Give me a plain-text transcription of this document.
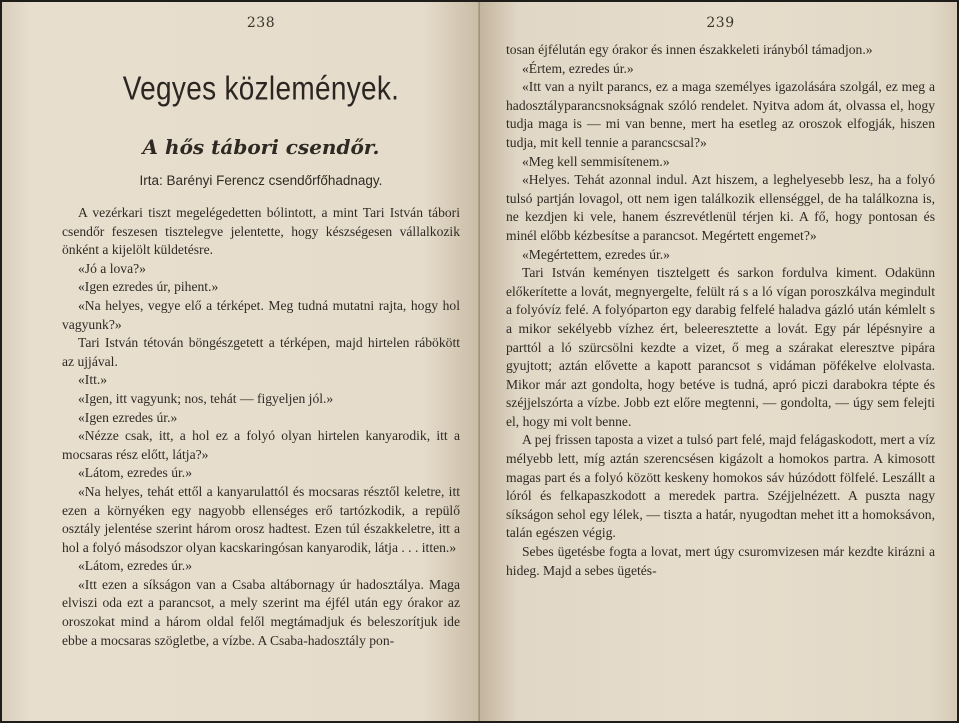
238
Vegyes közlemények.
A hős tábori csendőr.
Irta: Barényi Ferencz csendőrfőhadnagy.

A vezérkari tiszt megelégedetten bólintott, a mint Tari István tábori csendőr feszesen tisztelegve jelentette, hogy készségesen vállalkozik önként a kijelölt küldetésre.

«Jó a lova?»

«Igen ezredes úr, pihent.»

«Na helyes, vegye elő a térképet. Meg tudná mutatni rajta, hogy hol vagyunk?»

Tari István tétován böngészgetett a térképen, majd hirtelen rábökött az ujjával.

«Itt.»

«Igen, itt vagyunk; nos, tehát — figyeljen jól.»

«Igen ezredes úr.»

«Nézze csak, itt, a hol ez a folyó olyan hirtelen kanyarodik, itt a mocsaras rész előtt, látja?»

«Látom, ezredes úr.»

«Na helyes, tehát ettől a kanyarulattól és mocsaras résztől keletre, itt ezen a környéken egy nagyobb ellenséges erő tartózkodik, a repülő osztály jelentése szerint három orosz hadtest. Ezen túl északkeletre, itt a hol a folyó másodszor olyan kacskaringósan kanyarodik, látja . . . itten.»

«Látom, ezredes úr.»

«Itt ezen a síkságon van a Csaba altábornagy úr hadosztálya. Maga elviszi oda ezt a parancsot, a mely szerint ma éjfél után egy órakor az oroszokat mind a három oldal felől megtámadjuk és beleszorítjuk ide ebbe a mocsaras szögletbe, a vízbe. A Csaba-hadosztály pon-

239

tosan éjfélután egy órakor és innen északkeleti irányból támadjon.»

«Értem, ezredes úr.»

«Itt van a nyilt parancs, ez a maga személyes igazolására szolgál, ez meg a hadosztályparancsnokságnak szóló rendelet. Nyitva adom át, olvassa el, hogy tudja maga is — mi van benne, mert ha esetleg az oroszok elfogják, hiszen tudja, mit kell tennie a parancscsal?»

«Meg kell semmisítenem.»

«Helyes. Tehát azonnal indul. Azt hiszem, a leghelyesebb lesz, ha a folyó tulsó partján lovagol, ott nem igen találkozik ellenséggel, de ha találkozna is, ne kezdjen ki vele, hanem észrevétlenül térjen ki. A fő, hogy pontosan és minél előbb kézbesítse a parancsot. Megértett engemet?»

«Megértettem, ezredes úr.»

Tari István keményen tisztelgett és sarkon fordulva kiment. Odakünn előkerítette a lovát, megnyergelte, felült rá s a ló vígan poroszkálva megindult a folyóvíz felé. A folyóparton egy darabig felfelé haladva gázló után kémlelt s a mikor sekélyebb vízhez ért, beleeresztette a lovát. Egy pár lépésnyire a parttól a ló szürcsölni kezdte a vizet, ő meg a szárakat eleresztve pipára gyujtott; aztán elővette a kapott parancsot s vidáman pöfékelve elolvasta. Mikor már azt gondolta, hogy betéve is tudná, apró piczi darabokra tépte és széjjelszórta a vízbe. Jobb ezt előre megtenni, — gondolta, — úgy sem felejti el, hogy mi volt benne.

A pej frissen taposta a vizet a tulsó part felé, majd felágaskodott, mert a víz mélyebb lett, míg aztán szerencsésen kigázolt a homokos partra. A kimosott magas part és a folyó között keskeny homokos sáv húzódott fölfelé. Leszállt a lóról és felkapaszkodott a meredek partra. Széjjelnézett. A puszta nagy síkságon sehol egy lélek, — tiszta a határ, nyugodtan mehet itt a homoksávon, talán egészen végig.

Sebes ügetésbe fogta a lovat, mert úgy csuromvizesen már kezdte kirázni a hideg. Majd a sebes ügetés-
